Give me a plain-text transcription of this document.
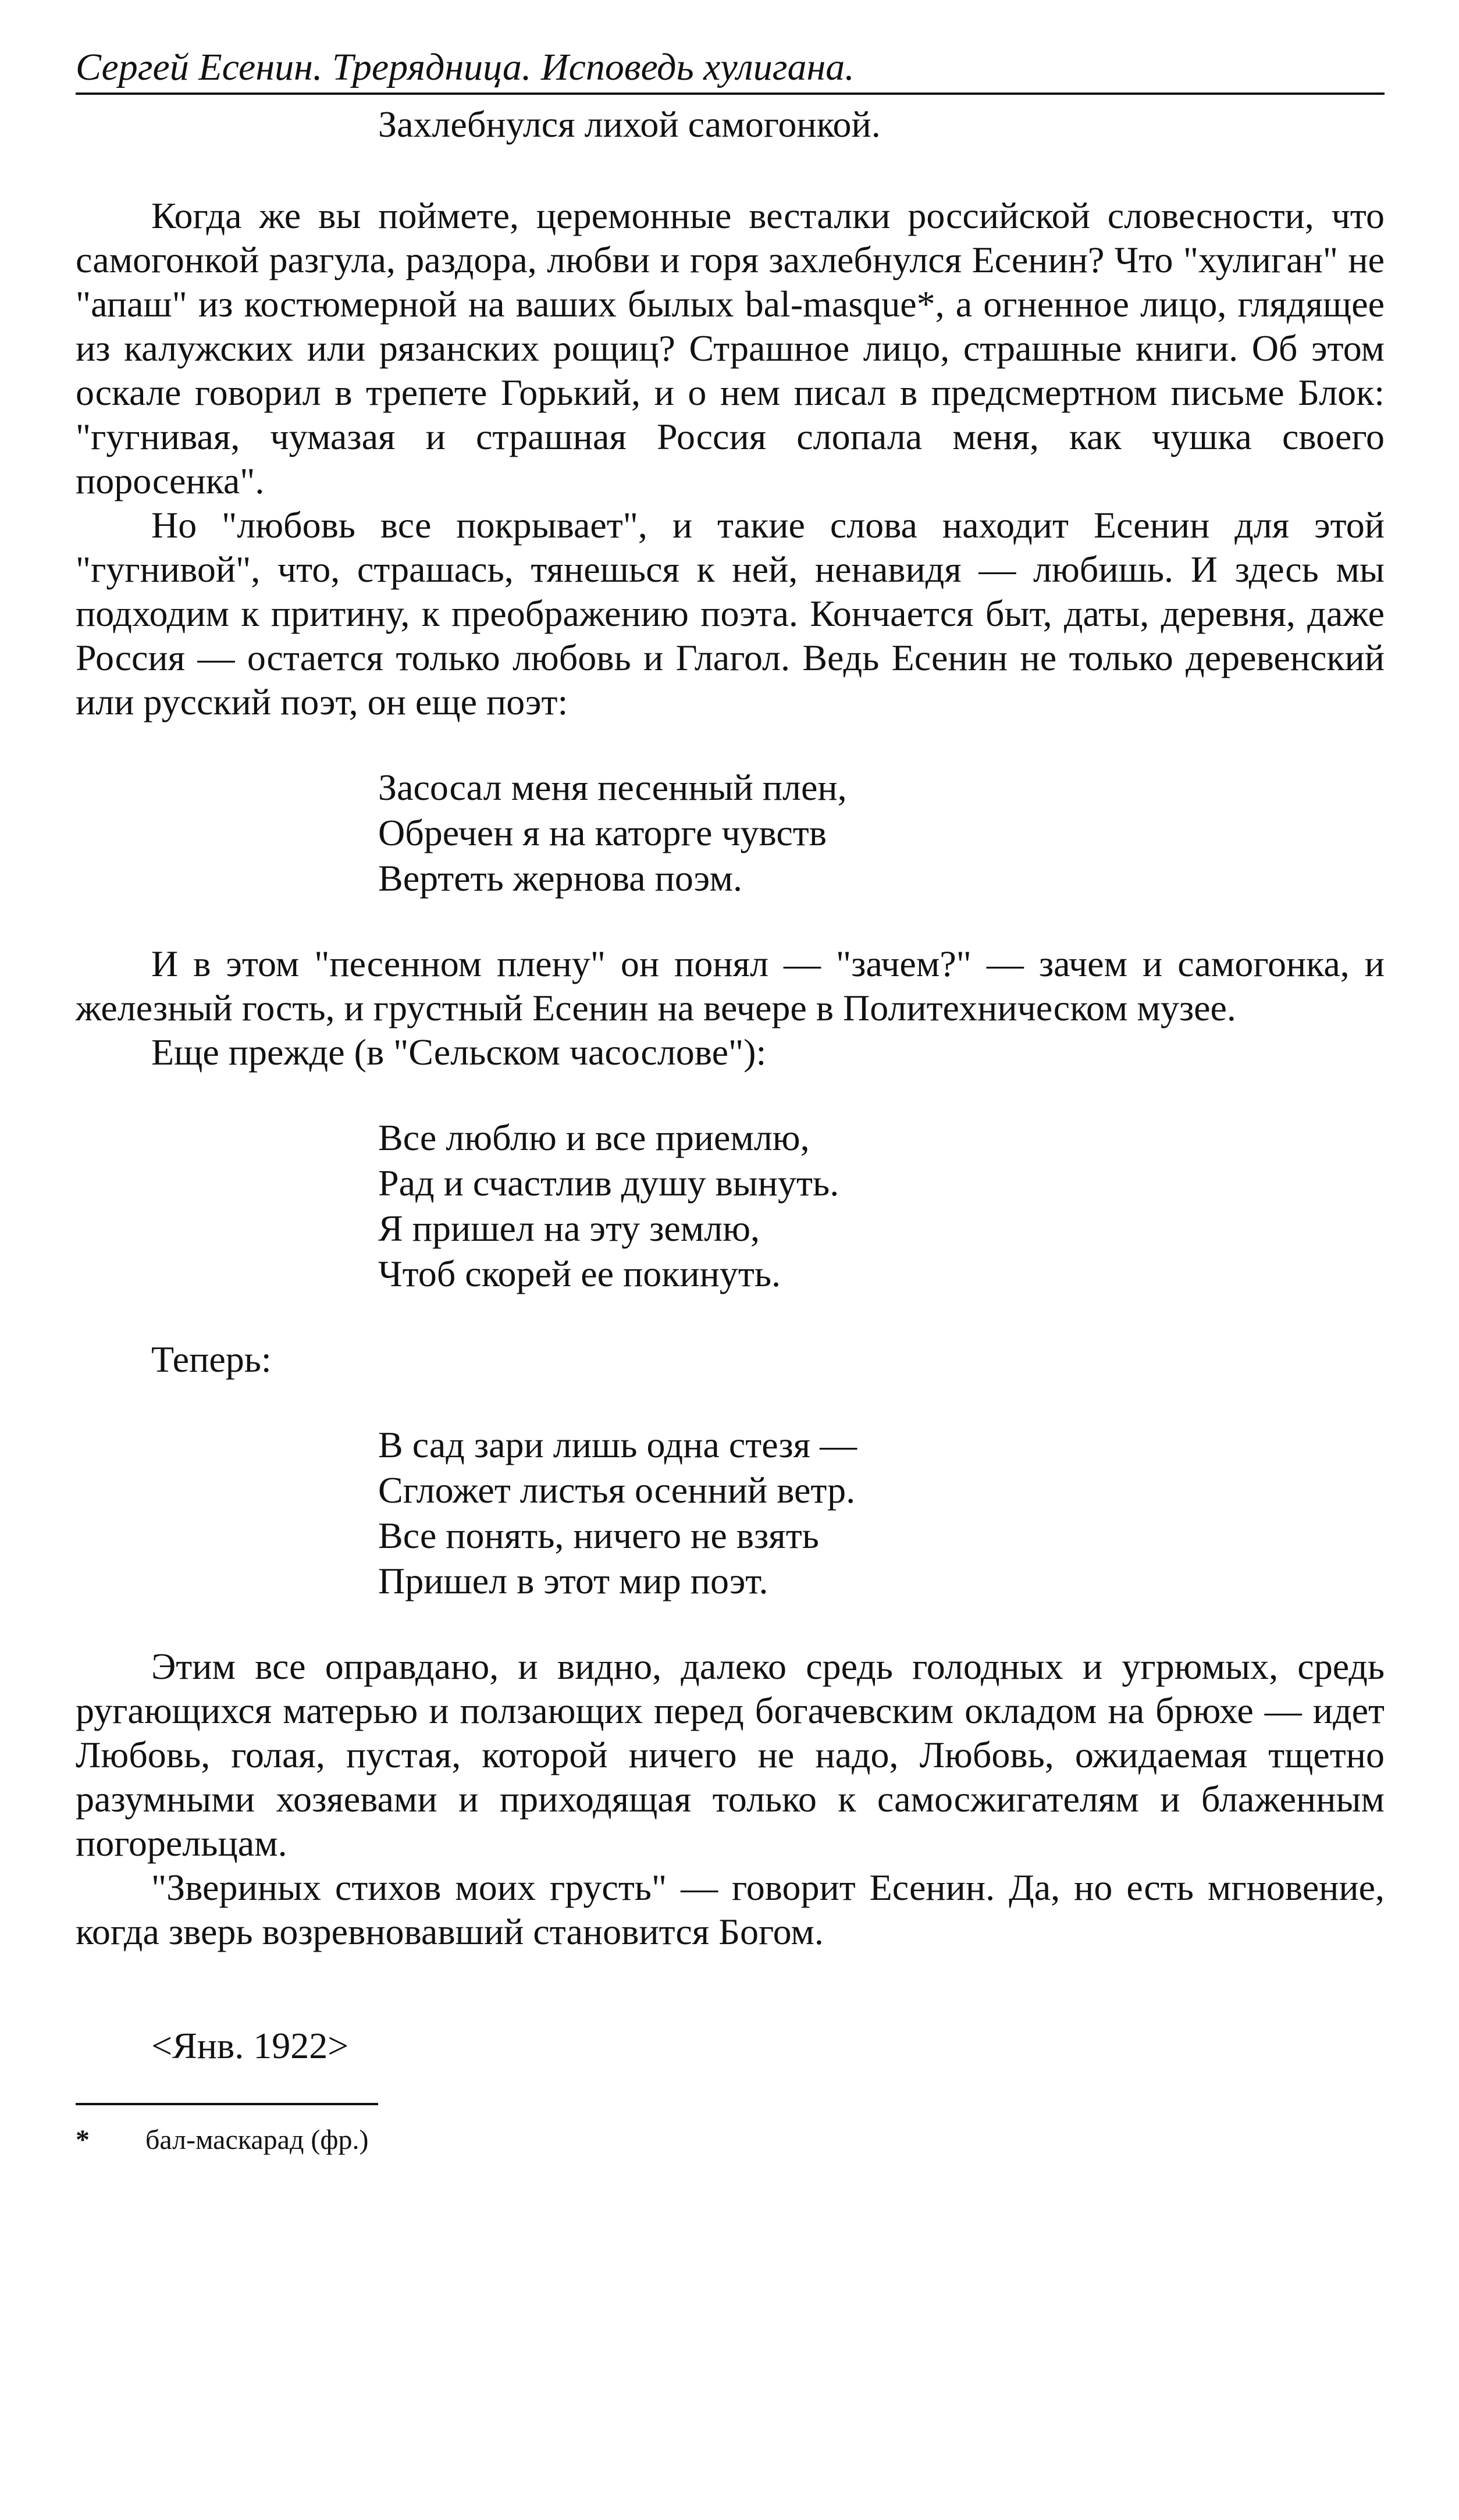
Сергей Есенин. Трерядница. Исповедь хулигана.
Захлебнулся лихой самогонкой.

Когда же вы поймете, церемонные весталки российской словесности, что самогонкой разгула, раздора, любви и горя захлебнулся Есенин? Что "хулиган" не "апаш" из костюмерной на ваших былых bal-masque*, а огненное лицо, глядящее из калужских или рязанских рощиц? Страшное лицо, страшные книги. Об этом оскале говорил в трепете Горький, и о нем писал в предсмертном письме Блок: "гугнивая, чумазая и страшная Россия слопала меня, как чушка своего поросенка".

Но "любовь все покрывает", и такие слова находит Есенин для этой "гугнивой", что, страшась, тянешься к ней, ненавидя — любишь. И здесь мы подходим к притину, к преображению поэта. Кончается быт, даты, деревня, даже Россия — остается только любовь и Глагол. Ведь Есенин не только деревенский или русский поэт, он еще поэт:

Засосал меня песенный плен,
Обречен я на каторге чувств
Вертеть жернова поэм.

И в этом "песенном плену" он понял — "зачем?" — зачем и самогонка, и железный гость, и грустный Есенин на вечере в Политехническом музее.

Еще прежде (в "Сельском часослове"):

Все люблю и все приемлю,
Рад и счастлив душу вынуть.
Я пришел на эту землю,
Чтоб скорей ее покинуть.
Теперь:
В сад зари лишь одна стезя —
Сгложет листья осенний ветр.
Все понять, ничего не взять
Пришел в этот мир поэт.

Этим все оправдано, и видно, далеко средь голодных и угрюмых, средь ругающихся матерью и ползающих перед богачевским окладом на брюхе — идет Любовь, голая, пустая, которой ничего не надо, Любовь, ожидаемая тщетно разумными хозяевами и приходящая только к самосжигателям и блаженным погорельцам.

"Звериных стихов моих грусть" — говорит Есенин. Да, но есть мгновение, когда зверь возревновавший становится Богом.

<Янв. 1922>
*	бал-маскарад (фр.)
